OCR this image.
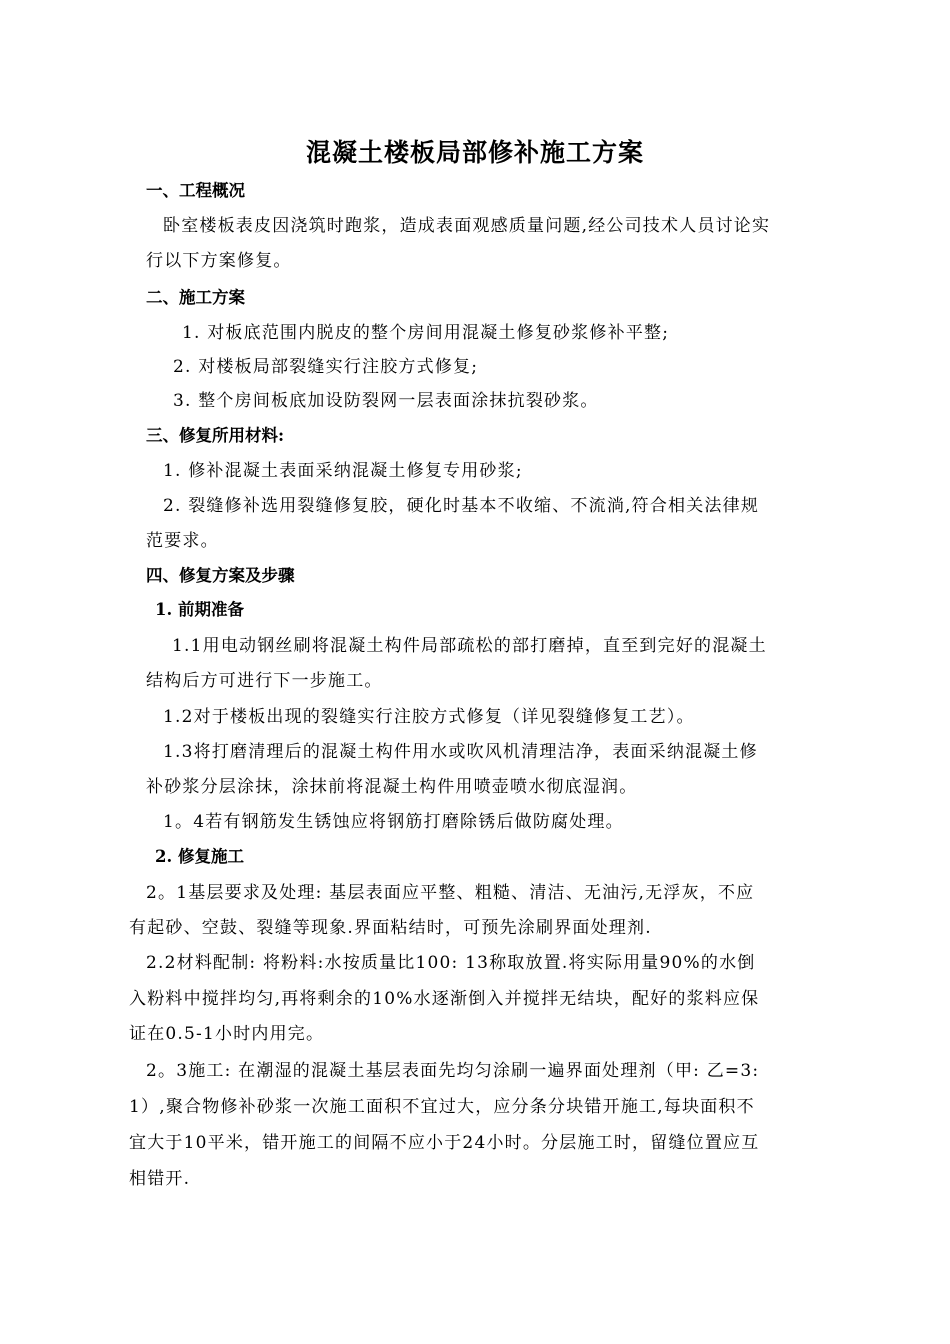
混凝土楼板局部修补施工方案
一、工程概况
卧室楼板表皮因浇筑时跑浆，造成表面观感质量问题,经公司技术人员讨论实
行以下方案修复。
二、施工方案
1. 对板底范围内脱皮的整个房间用混凝土修复砂浆修补平整;
2. 对楼板局部裂缝实行注胶方式修复;
3. 整个房间板底加设防裂网一层表面涂抹抗裂砂浆。
三、修复所用材料:
1. 修补混凝土表面采纳混凝土修复专用砂浆;
2. 裂缝修补选用裂缝修复胶，硬化时基本不收缩、不流淌,符合相关法律规
范要求。
四、修复方案及步骤
1. 前期准备
1.1用电动钢丝刷将混凝土构件局部疏松的部打磨掉，直至到完好的混凝土
结构后方可进行下一步施工。
1.2对于楼板出现的裂缝实行注胶方式修复（详见裂缝修复工艺）。
1.3将打磨清理后的混凝土构件用水或吹风机清理洁净，表面采纳混凝土修
补砂浆分层涂抹，涂抹前将混凝土构件用喷壶喷水彻底湿润。
1。4若有钢筋发生锈蚀应将钢筋打磨除锈后做防腐处理。
2. 修复施工
2。1基层要求及处理: 基层表面应平整、粗糙、清洁、无油污,无浮灰，不应
有起砂、空鼓、裂缝等现象.界面粘结时，可预先涂刷界面处理剂.
2.2材料配制: 将粉料:水按质量比100: 13称取放置.将实际用量90%的水倒
入粉料中搅拌均匀,再将剩余的10%水逐渐倒入并搅拌无结块，配好的浆料应保
证在0.5-1小时内用完。
2。3施工: 在潮湿的混凝土基层表面先均匀涂刷一遍界面处理剂（甲: 乙=3:
1）,聚合物修补砂浆一次施工面积不宜过大，应分条分块错开施工,每块面积不
宜大于10平米，错开施工的间隔不应小于24小时。分层施工时，留缝位置应互
相错开.
